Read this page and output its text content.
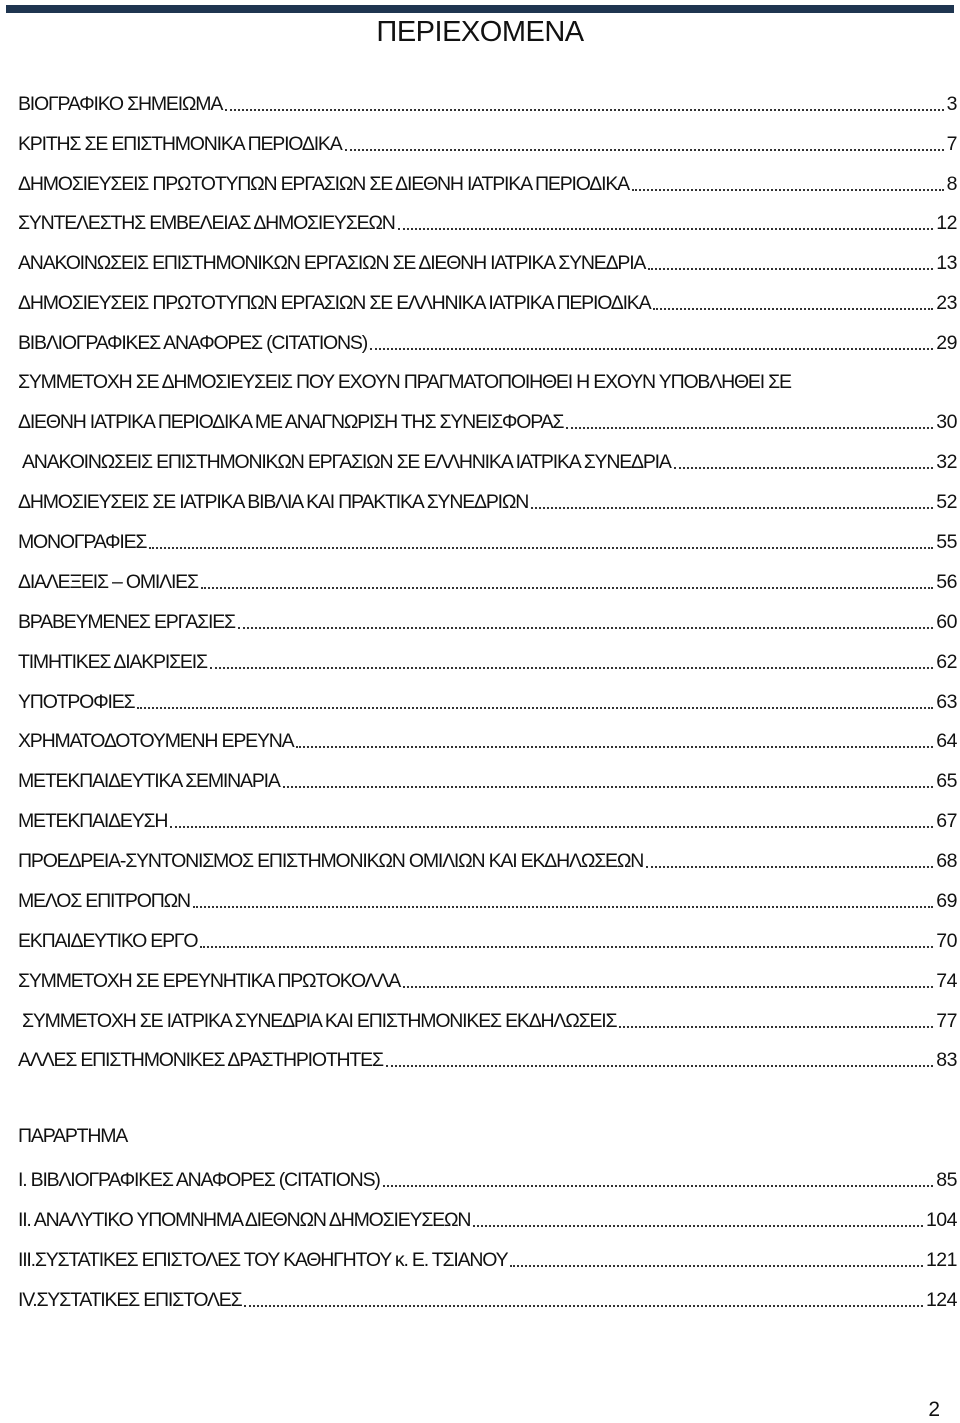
ΠΕΡΙΕΧΟΜΕΝΑ
ΒΙΟΓΡΑΦΙΚΟ ΣΗΜΕΙΩΜΑ	3
ΚΡΙΤΗΣ ΣΕ ΕΠΙΣΤΗΜΟΝΙΚΑ ΠΕΡΙΟΔΙΚΑ	7
ΔΗΜΟΣΙΕΥΣΕΙΣ ΠΡΩΤΟΤΥΠΩΝ ΕΡΓΑΣΙΩΝ ΣΕ ΔΙΕΘΝΗ ΙΑΤΡΙΚΑ ΠΕΡΙΟΔΙΚΑ	8
ΣΥΝΤΕΛΕΣΤΗΣ ΕΜΒΕΛΕΙΑΣ ΔΗΜΟΣΙΕΥΣΕΩΝ	12
ΑΝΑΚΟΙΝΩΣΕΙΣ ΕΠΙΣΤΗΜΟΝΙΚΩΝ ΕΡΓΑΣΙΩΝ ΣΕ ΔΙΕΘΝΗ ΙΑΤΡΙΚΑ ΣΥΝΕΔΡΙΑ	13
ΔΗΜΟΣΙΕΥΣΕΙΣ ΠΡΩΤΟΤΥΠΩΝ ΕΡΓΑΣΙΩΝ ΣΕ ΕΛΛΗΝΙΚΑ ΙΑΤΡΙΚΑ ΠΕΡΙΟΔΙΚΑ	23
ΒΙΒΛΙΟΓΡΑΦΙΚΕΣ ΑΝΑΦΟΡΕΣ (CITATIONS)	29
ΣΥΜΜΕΤΟΧΗ ΣΕ ΔΗΜΟΣΙΕΥΣΕΙΣ ΠΟΥ ΕΧΟΥΝ ΠΡΑΓΜΑΤΟΠΟΙΗΘΕΙ Η ΕΧΟΥΝ ΥΠΟΒΛΗΘΕΙ ΣΕ
ΔΙΕΘΝΗ ΙΑΤΡΙΚΑ ΠΕΡΙΟΔΙΚΑ ΜΕ ΑΝΑΓΝΩΡΙΣΗ ΤΗΣ ΣΥΝΕΙΣΦΟΡΑΣ	30
ΑΝΑΚΟΙΝΩΣΕΙΣ ΕΠΙΣΤΗΜΟΝΙΚΩΝ ΕΡΓΑΣΙΩΝ ΣΕ ΕΛΛΗΝΙΚΑ ΙΑΤΡΙΚΑ ΣΥΝΕΔΡΙΑ	32
ΔΗΜΟΣΙΕΥΣΕΙΣ ΣΕ ΙΑΤΡΙΚΑ ΒΙΒΛΙΑ ΚΑΙ ΠΡΑΚΤΙΚΑ ΣΥΝΕΔΡΙΩΝ	52
ΜΟΝΟΓΡΑΦΙΕΣ	55
ΔΙΑΛΕΞΕΙΣ – ΟΜΙΛΙΕΣ	56
ΒΡΑΒΕΥΜΕΝΕΣ ΕΡΓΑΣΙΕΣ	60
ΤΙΜΗΤΙΚΕΣ ΔΙΑΚΡΙΣΕΙΣ	62
ΥΠΟΤΡΟΦΙΕΣ	63
ΧΡΗΜΑΤΟΔΟΤΟΥΜΕΝΗ ΕΡΕΥΝΑ	64
ΜΕΤΕΚΠΑΙΔΕΥΤΙΚΑ ΣΕΜΙΝΑΡΙΑ	65
ΜΕΤΕΚΠΑΙΔΕΥΣΗ	67
ΠΡΟΕΔΡΕΙΑ-ΣΥΝΤΟΝΙΣΜΟΣ ΕΠΙΣΤΗΜΟΝΙΚΩΝ ΟΜΙΛΙΩΝ ΚΑΙ ΕΚΔΗΛΩΣΕΩΝ	68
ΜΕΛΟΣ ΕΠΙΤΡΟΠΩΝ	69
ΕΚΠΑΙΔΕΥΤΙΚΟ ΕΡΓΟ	70
ΣΥΜΜΕΤΟΧΗ ΣΕ ΕΡΕΥΝΗΤΙΚΑ ΠΡΩΤΟΚΟΛΛΑ	74
ΣΥΜΜΕΤΟΧΗ ΣΕ ΙΑΤΡΙΚΑ ΣΥΝΕΔΡΙΑ ΚΑΙ ΕΠΙΣΤΗΜΟΝΙΚΕΣ ΕΚΔΗΛΩΣΕΙΣ	77
ΑΛΛΕΣ ΕΠΙΣΤΗΜΟΝΙΚΕΣ ΔΡΑΣΤΗΡΙΟΤΗΤΕΣ	83
ΠΑΡΑΡΤΗΜΑ
Ι. ΒΙΒΛΙΟΓΡΑΦΙΚΕΣ ΑΝΑΦΟΡΕΣ (CITATIONS)	85
ΙΙ. ΑΝΑΛΥΤΙΚΟ ΥΠΟΜΝΗΜΑ ΔΙΕΘΝΩΝ ΔΗΜΟΣΙΕΥΣΕΩΝ	104
ΙΙΙ.ΣΥΣΤΑΤΙΚΕΣ ΕΠΙΣΤΟΛΕΣ ΤΟΥ ΚΑΘΗΓΗΤΟΥ κ. Ε. ΤΣΙΑΝΟΥ	121
ΙV.ΣΥΣΤΑΤΙΚΕΣ ΕΠΙΣΤΟΛΕΣ	124
2
